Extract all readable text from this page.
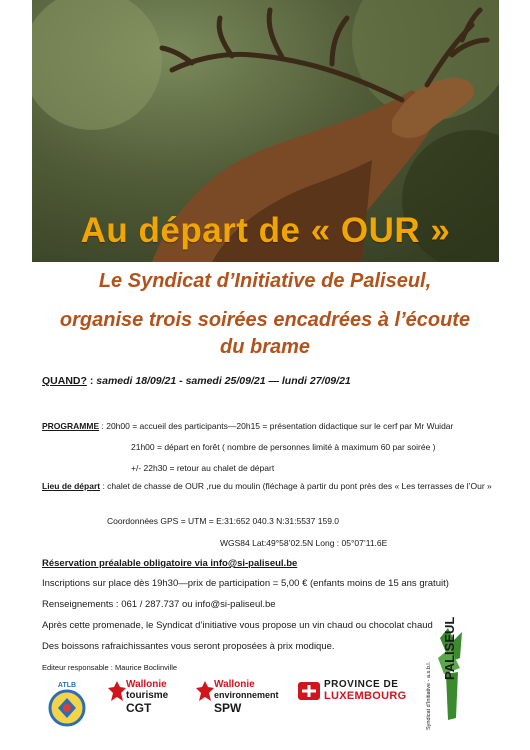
Au départ de « OUR »
Le Syndicat d’Initiative de Paliseul,
organise trois soirées encadrées à l’écoute
du brame
QUAND? : samedi 18/09/21 - samedi 25/09/21 — lundi 27/09/21
PROGRAMME : 20h00 = accueil des participants—20h15 = présentation didactique sur le cerf par Mr Wuidar
21h00 = départ en forêt ( nombre de personnes limité à maximum 60 par soirée )
+/- 22h30 = retour au chalet de départ
Lieu de départ : chalet de chasse de OUR ,rue du moulin (fléchage à partir du pont près des « Les terrasses de l’Our »
Coordonnées GPS = UTM = E:31:652 040.3 N:31:5537 159.0
WGS84 Lat:49°58’02.5N Long : 05°07’11.6E
Réservation préalable obligatoire via info@si-paliseul.be
Inscriptions sur place dès 19h30—prix de participation = 5,00 € (enfants moins de 15 ans gratuit)
Renseignements : 061 / 287.737 ou info@si-paliseul.be
Après cette promenade, le Syndicat d’initiative vous propose un vin chaud ou chocolat chaud
Des boissons rafraichissantes vous seront proposées à prix modique.
Editeur responsable : Maurice Boclinville
ATLB	Wallonie
tourisme
CGT
Wallonie
environnement
SPW
PROVINCE DE
LUXEMBOURG
PALISEUL
Syndicat d’Initiative - a.s.b.l.
